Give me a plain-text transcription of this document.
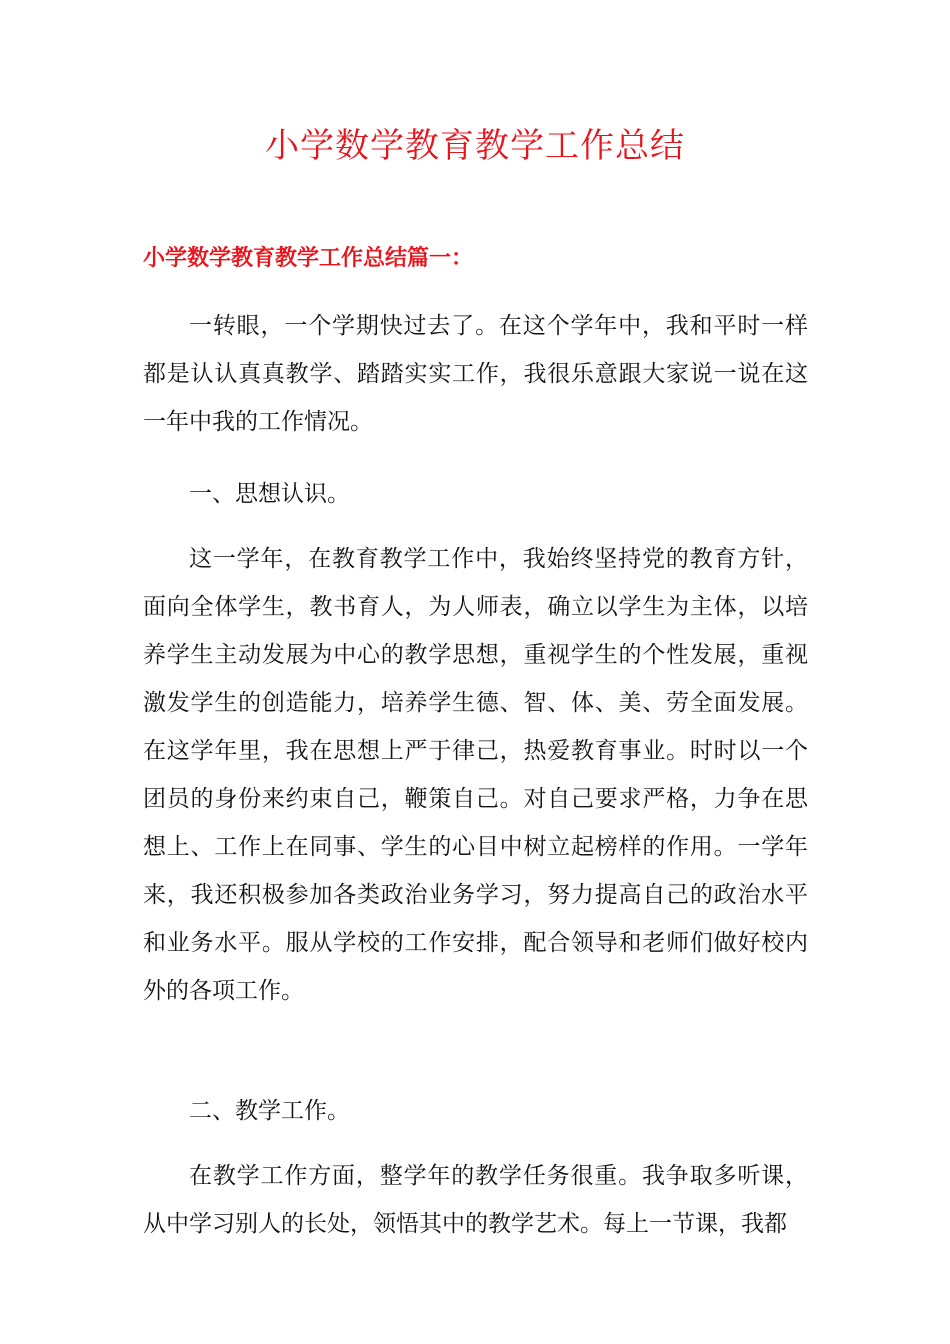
小学数学教育教学工作总结
小学数学教育教学工作总结篇一：

一转眼，一个学期快过去了。在这个学年中，我和平时一样都是认认真真教学、踏踏实实工作，我很乐意跟大家说一说在这一年中我的工作情况。

一、思想认识。

这一学年，在教育教学工作中，我始终坚持党的教育方针，面向全体学生，教书育人，为人师表，确立以学生为主体，以培养学生主动发展为中心的教学思想，重视学生的个性发展，重视激发学生的创造能力，培养学生德、智、体、美、劳全面发展。在这学年里，我在思想上严于律己，热爱教育事业。时时以一个团员的身份来约束自己，鞭策自己。对自己要求严格，力争在思想上、工作上在同事、学生的心目中树立起榜样的作用。一学年来，我还积极参加各类政治业务学习，努力提高自己的政治水平和业务水平。服从学校的工作安排，配合领导和老师们做好校内外的各项工作。

二、教学工作。

在教学工作方面，整学年的教学任务很重。我争取多听课，从中学习别人的长处，领悟其中的教学艺术。每上一节课，我都
